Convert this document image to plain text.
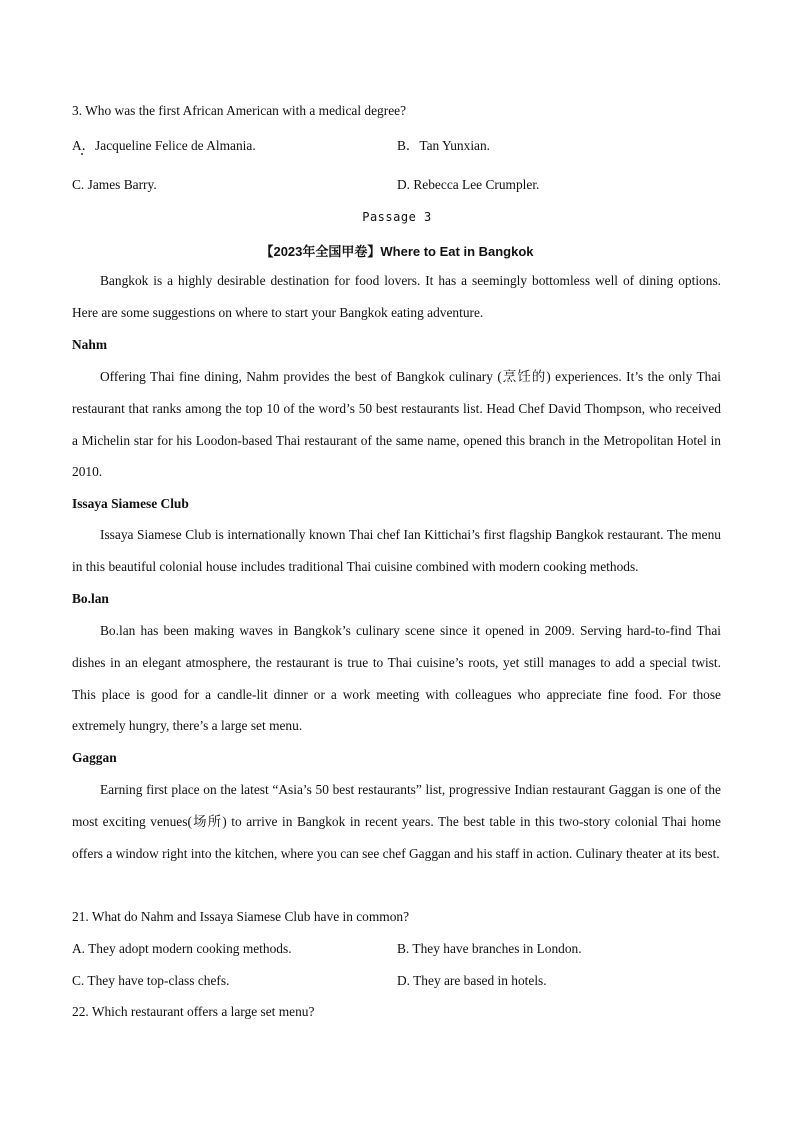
3. Who was the first African American with a medical degree?
A．Jacqueline Felice de Almania.	B．Tan Yunxian.
C. James Barry.	D. Rebecca Lee Crumpler.
Passage 3
【2023年全国甲卷】Where to Eat in Bangkok
Bangkok is a highly desirable destination for food lovers. It has a seemingly bottomless well of dining options. Here are some suggestions on where to start your Bangkok eating adventure.
Nahm
Offering Thai fine dining, Nahm provides the best of Bangkok culinary (烹饪的) experiences. It’s the only Thai restaurant that ranks among the top 10 of the word’s 50 best restaurants list. Head Chef David Thompson, who received a Michelin star for his Loodon-based Thai restaurant of the same name, opened this branch in the Metropolitan Hotel in 2010.
Issaya Siamese Club
Issaya Siamese Club is internationally known Thai chef Ian Kittichai’s first flagship Bangkok restaurant. The menu in this beautiful colonial house includes traditional Thai cuisine combined with modern cooking methods.
Bo.lan
Bo.lan has been making waves in Bangkok’s culinary scene since it opened in 2009. Serving hard-to-find Thai dishes in an elegant atmosphere, the restaurant is true to Thai cuisine’s roots, yet still manages to add a special twist. This place is good for a candle-lit dinner or a work meeting with colleagues who appreciate fine food. For those extremely hungry, there’s a large set menu.
Gaggan
Earning first place on the latest “Asia’s 50 best restaurants” list, progressive Indian restaurant Gaggan is one of the most exciting venues(场所) to arrive in Bangkok in recent years. The best table in this two-story colonial Thai home offers a window right into the kitchen, where you can see chef Gaggan and his staff in action. Culinary theater at its best.
21. What do Nahm and Issaya Siamese Club have in common?
A. They adopt modern cooking methods.	B. They have branches in London.
C. They have top-class chefs.	D. They are based in hotels.
22. Which restaurant offers a large set menu?
